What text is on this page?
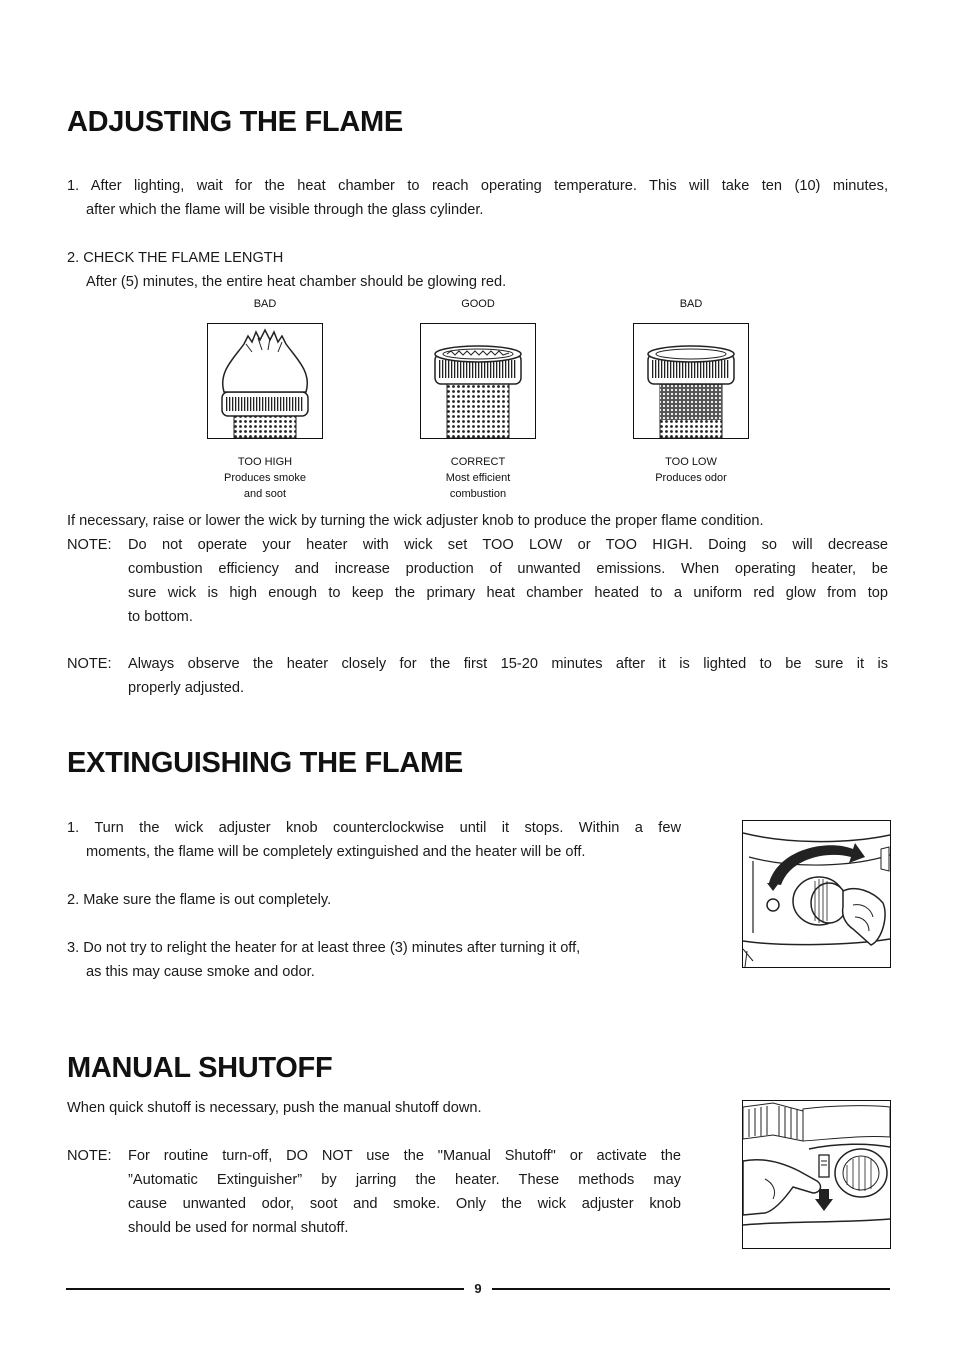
ADJUSTING THE FLAME
1. After lighting, wait for the heat chamber to reach operating temperature. This will take ten (10) minutes,
after which the flame will be visible through the glass cylinder.
2. CHECK THE FLAME LENGTH
After (5) minutes, the entire heat chamber should be glowing red.
BAD
TOO HIGH
Produces smoke
and soot
GOOD
CORRECT
Most efficient
combustion
BAD
TOO LOW
Produces odor
If necessary, raise or lower the wick by turning the wick adjuster knob to produce the proper flame condition.
NOTE: Do not operate your heater with wick set TOO LOW or TOO HIGH. Doing so will decrease
combustion efficiency and increase production of unwanted emissions. When operating heater, be
sure wick is high enough to keep the primary heat chamber heated to a uniform red glow from top
to bottom.
NOTE: Always observe the heater closely for the first 15-20 minutes after it is lighted to be sure it is
properly adjusted.
EXTINGUISHING THE FLAME
1. Turn the wick adjuster knob counterclockwise until it stops. Within a few
moments, the flame will be completely extinguished and the heater will be off.
2. Make sure the flame is out completely.
3. Do not try to relight the heater for at least three (3) minutes after turning it off,
as this may cause smoke and odor.
MANUAL SHUTOFF
When quick shutoff is necessary, push the manual shutoff down.
NOTE: For routine turn-off, DO NOT use the "Manual Shutoff" or activate the
”Automatic Extinguisher” by jarring the heater. These methods may
cause unwanted odor, soot and smoke. Only the wick adjuster knob
should be used for normal shutoff.
9
